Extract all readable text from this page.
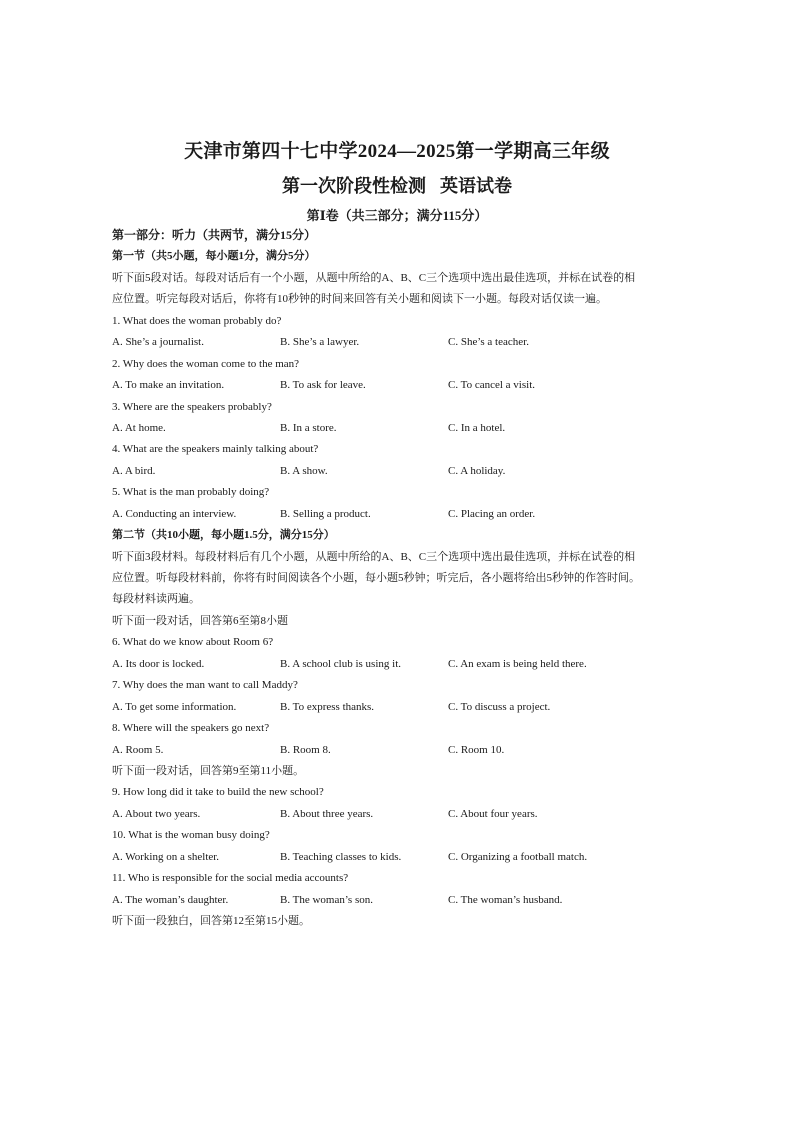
天津市第四十七中学2024—2025第一学期高三年级
第一次阶段性检测 英语试卷
第Ⅰ卷（共三部分；满分115分）
第一部分：听力（共两节，满分15分）
第一节（共5小题，每小题1分，满分5分）
听下面5段对话。每段对话后有一个小题，从题中所给的A、B、C三个选项中选出最佳选项，并标在试卷的相
应位置。听完每段对话后，你将有10秒钟的时间来回答有关小题和阅读下一小题。每段对话仅读一遍。
1. What does the woman probably do?
A. She’s a journalist.	B. She’s a lawyer.	C. She’s a teacher.
2. Why does the woman come to the man?
A. To make an invitation.	B. To ask for leave.	C. To cancel a visit.
3. Where are the speakers probably?
A. At home.	B. In a store.	C. In a hotel.
4. What are the speakers mainly talking about?
A. A bird.	B. A show.	C. A holiday.
5. What is the man probably doing?
A. Conducting an interview.	B. Selling a product.	C. Placing an order.
第二节（共10小题，每小题1.5分，满分15分）
听下面3段材料。每段材料后有几个小题，从题中所给的A、B、C三个选项中选出最佳选项，并标在试卷的相
应位置。听每段材料前，你将有时间阅读各个小题，每小题5秒钟；听完后，各小题将给出5秒钟的作答时间。
每段材料读两遍。
听下面一段对话，回答第6至第8小题
6. What do we know about Room 6?
A. Its door is locked.	B. A school club is using it.	C. An exam is being held there.
7. Why does the man want to call Maddy?
A. To get some information.	B. To express thanks.	C. To discuss a project.
8. Where will the speakers go next?
A. Room 5.	B. Room 8.	C. Room 10.
听下面一段对话，回答第9至第11小题。
9. How long did it take to build the new school?
A. About two years.	B. About three years.	C. About four years.
10. What is the woman busy doing?
A. Working on a shelter.	B. Teaching classes to kids.	C. Organizing a football match.
11. Who is responsible for the social media accounts?
A. The woman’s daughter.	B. The woman’s son.	C. The woman’s husband.
听下面一段独白，回答第12至第15小题。
